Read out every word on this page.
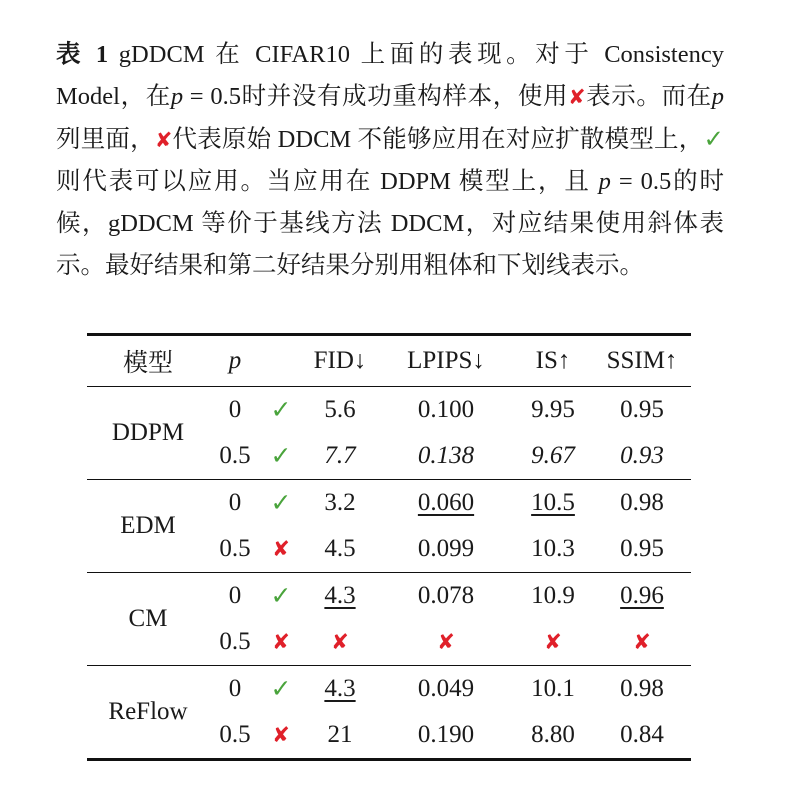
表 1 gDDCM 在 CIFAR10 上面的表现。对于 Consistency Model，在p = 0.5时并没有成功重构样本，使用✘表示。而在p列里面，✘代表原始 DDCM 不能够应用在对应扩散模型上，✓则代表可以应用。当应用在 DDPM 模型上，且 p = 0.5的时候，gDDCM 等价于基线方法 DDCM，对应结果使用斜体表示。最好结果和第二好结果分别用粗体和下划线表示。
模型	p		FID↓	LPIPS↓	IS↑	SSIM↑
DDPM	0	✓	5.6	0.100	9.95	0.95
	0.5	✓	7.7	0.138	9.67	0.93
EDM	0	✓	3.2	0.060	10.5	0.98
	0.5	✘	4.5	0.099	10.3	0.95
CM	0	✓	4.3	0.078	10.9	0.96
	0.5	✘	✘	✘	✘	✘
ReFlow	0	✓	4.3	0.049	10.1	0.98
	0.5	✘	21	0.190	8.80	0.84
